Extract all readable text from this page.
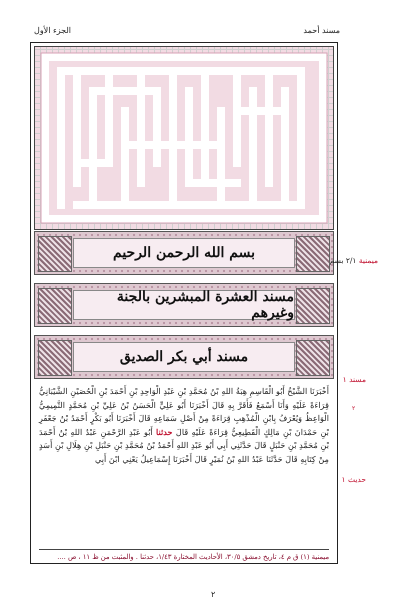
الجزء الأول	مسند أحمد
بسم الله الرحمن الرحيم
مسند العشرة المبشرين بالجنة وغيرهم
مسند أبي بكر الصديق

أَخْبَرَنَا الشَّيْخُ أَبُو الْقَاسِمِ هِبَةُ اللهِ بْنُ مُحَمَّدِ بْنِ عَبْدِ الْوَاحِدِ بْنِ أَحْمَدَ بْنِ الْحُصَيْنِ الشَّيْبَانِيُّ قِرَاءَةً عَلَيْهِ وَأَنَا أَسْمَعُ فَأَقَرَّ بِهِ قَالَ أَخْبَرَنَا أَبُو عَلِيٍّ الْحَسَنُ بْنُ عَلِيِّ بْنِ مُحَمَّدٍ التَّمِيمِيُّ الْوَاعِظُ وَيُعْرَفُ بِابْنِ الْمُذْهِبِ قِرَاءَةً مِنْ أَصْلِ سَمَاعِهِ قَالَ أَخْبَرَنَا أَبُو بَكْرٍ أَحْمَدُ بْنُ جَعْفَرِ بْنِ حَمْدَانَ بْنِ مَالِكٍ الْقَطِيعِيُّ قِرَاءَةً عَلَيْهِ قَالَ حدثنا أَبُو عَبْدِ الرَّحْمَنِ عَبْدُ اللهِ بْنُ أَحْمَدَ بْنِ مُحَمَّدِ بْنِ حَنْبَلٍ قَالَ حَدَّثَنِي أَبِي أَبُو عَبْدِ اللهِ أَحْمَدُ بْنُ مُحَمَّدِ بْنِ حَنْبَلِ بْنِ هِلَالِ بْنِ أَسَدٍ مِنْ كِتَابِهِ قَالَ حَدَّثَنَا عَبْدُ اللهِ بْنُ نُمَيْرٍ قَالَ أَخْبَرَنَا إِسْمَاعِيلُ يَعْنِي ابْنَ أَبِي

ميمنية (١) ق م ٤، تاريخ دمشق ٣٠/٥، الأحاديث المختارة ١/٤٣، حدثنا . والمثبت من ظ ١١ ، ص ....
٢
ميمنية ٢/١ بسم
مسند ١
حديث ١
٢
